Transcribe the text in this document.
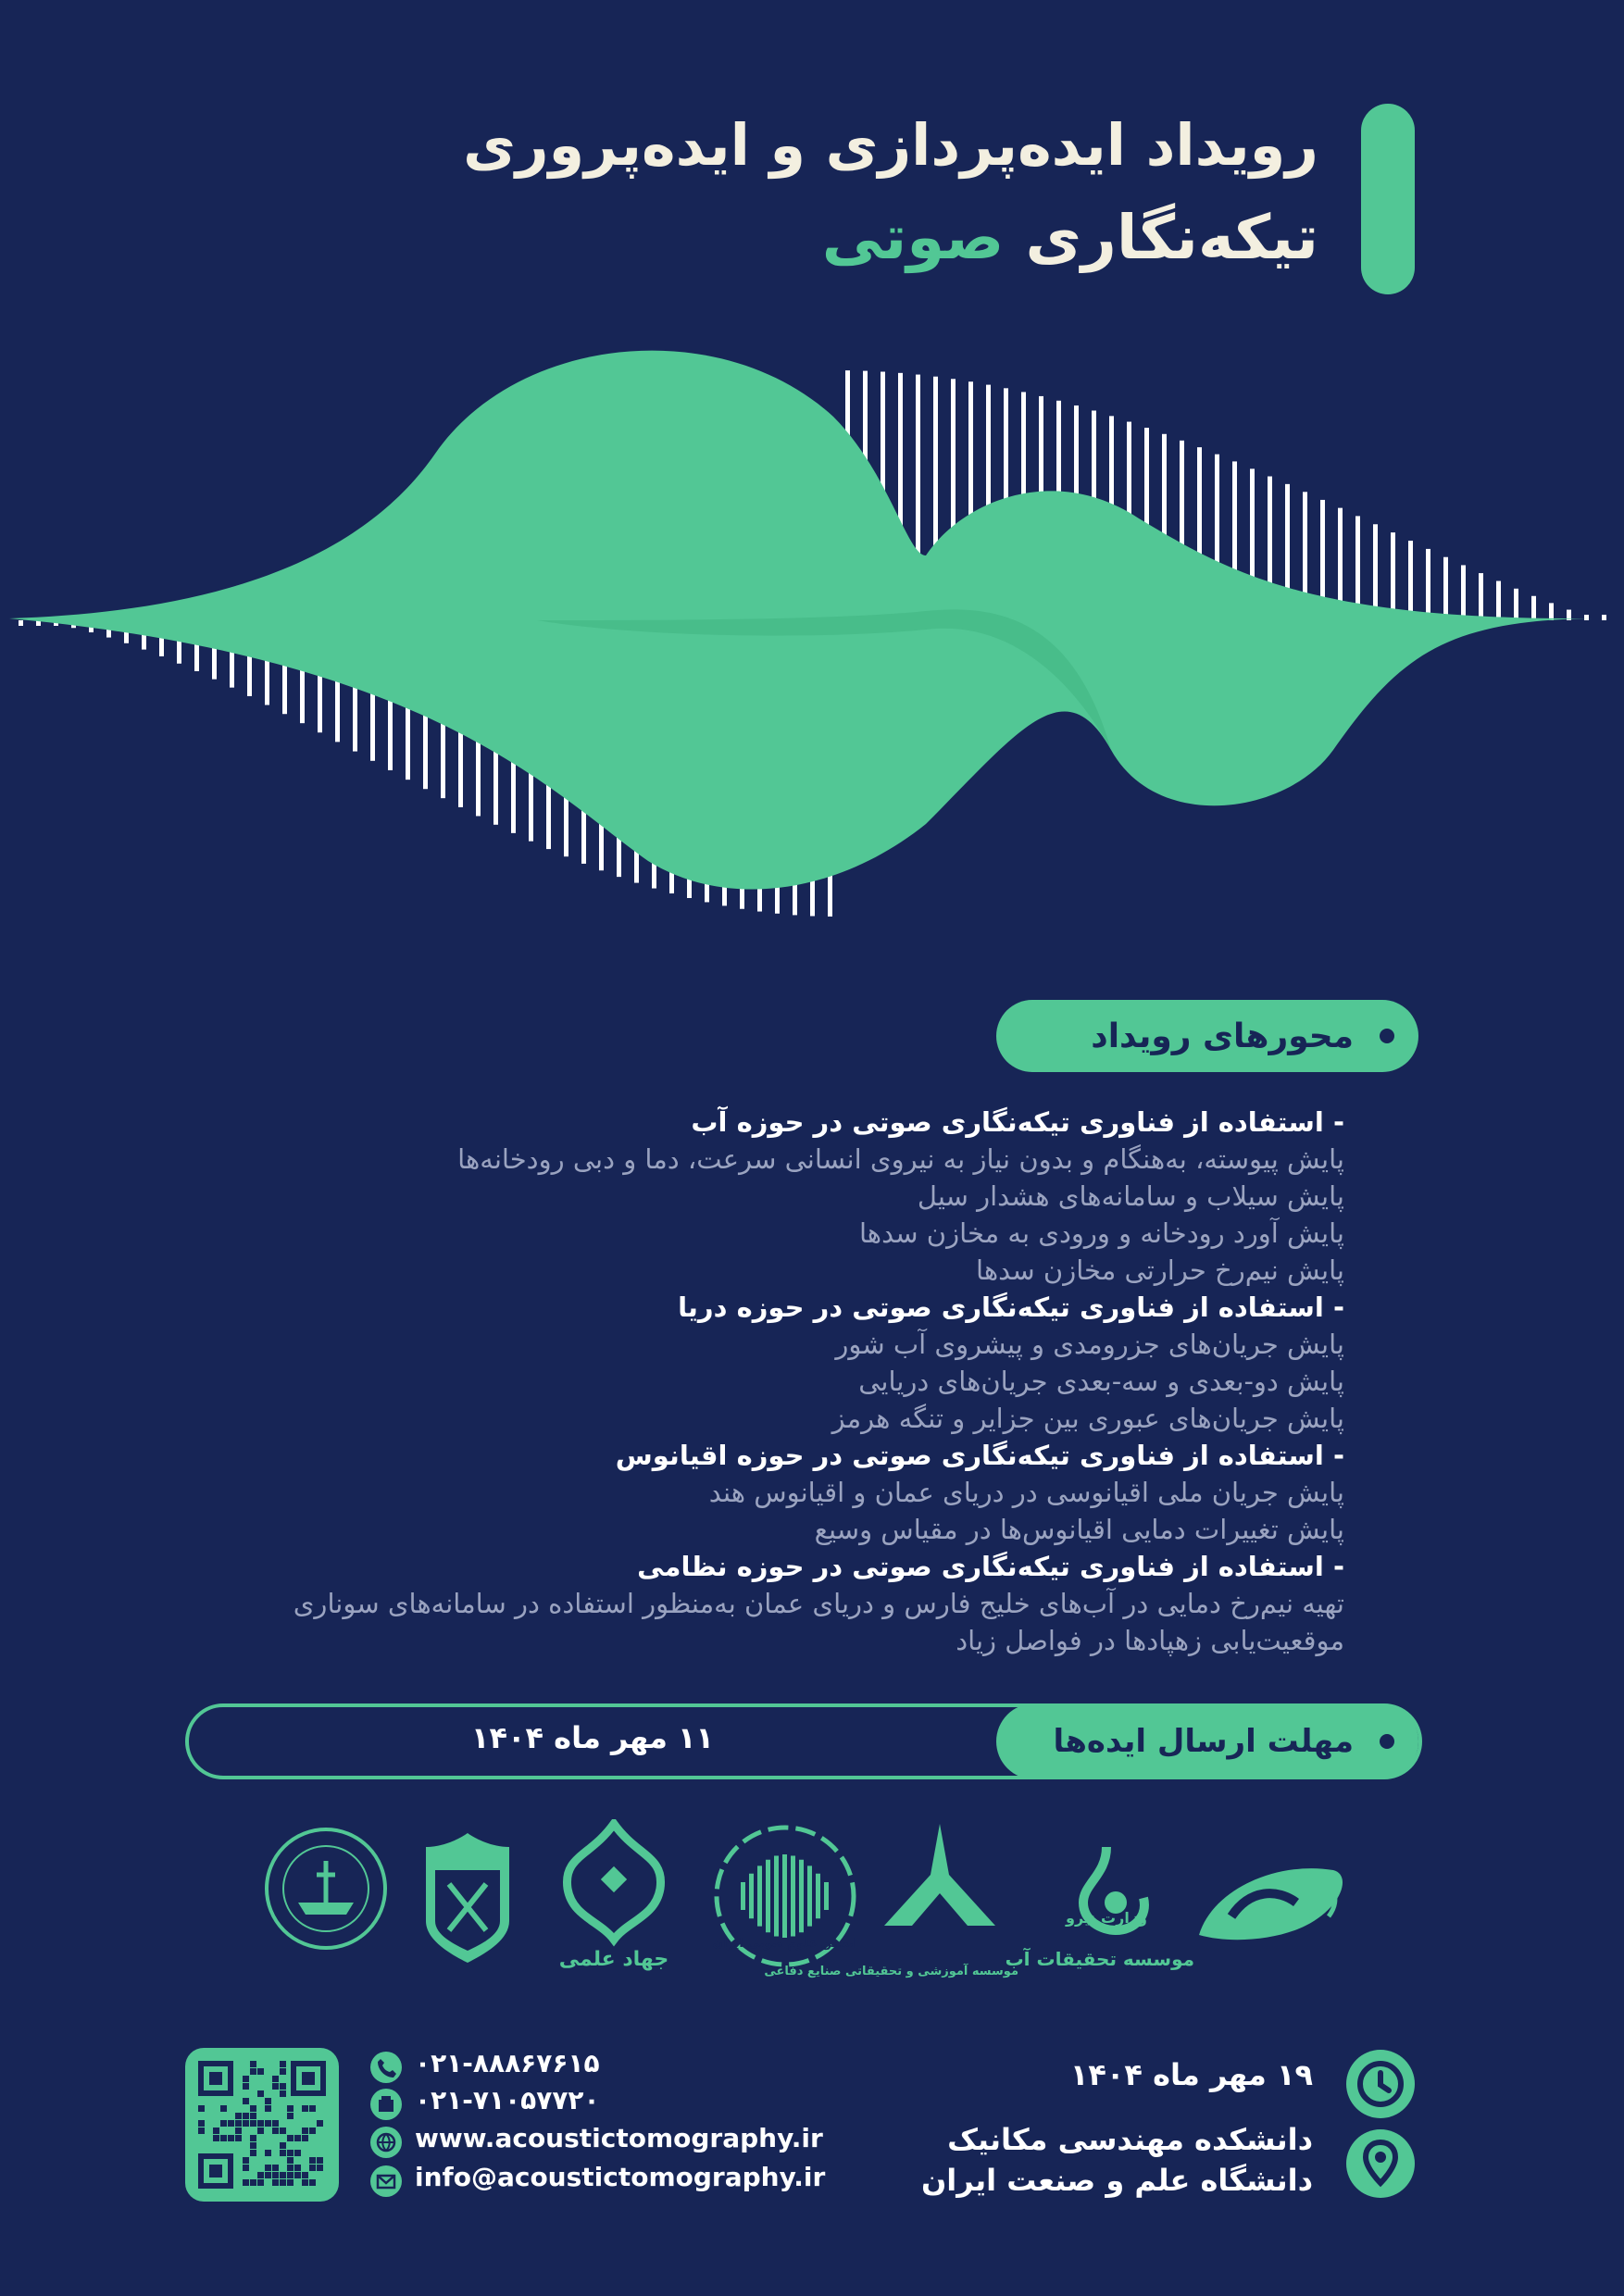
رویداد ایده‌پردازی و ایده‌پروری
تیکه‌نگاری صوتی
محورهای رویداد
- استفاده از فناوری تیکه‌نگاری صوتی در حوزه آب
پایش پیوسته، به‌هنگام و بدون نیاز به نیروی انسانی سرعت، دما و دبی رودخانه‌ها
پایش سیلاب و سامانه‌های هشدار سیل
پایش آورد رودخانه و ورودی به مخازن سدها
پایش نیم‌رخ حرارتی مخازن سدها
- استفاده از فناوری تیکه‌نگاری صوتی در حوزه دریا
پایش جریان‌های جزرومدی و پیشروی آب شور
پایش دو-بعدی و سه-بعدی جریان‌های دریایی
پایش جریان‌های عبوری بین جزایر و تنگه هرمز
- استفاده از فناوری تیکه‌نگاری صوتی در حوزه اقیانوس
پایش جریان ملی اقیانوسی در دریای عمان و اقیانوس هند
پایش تغییرات دمایی اقیانوس‌ها در مقیاس وسیع
- استفاده از فناوری تیکه‌نگاری صوتی در حوزه نظامی
تهیه نیم‌رخ دمایی در آب‌های خلیج فارس و دریای عمان به‌منظور استفاده در سامانه‌های سوناری
موقعیت‌یابی زهپادها در فواصل زیاد
مهلت ارسال ایده‌ها
۱۱ مهر ماه ۱۴۰۴
وزارت نیرو
موسسه تحقیقات آب
موسسه آموزشی و تحقیقاتی صنایع دفاعی
انجمن علوم صوتی ایران
جهاد علمی
۰۲۱-۸۸۸۶۷۶۱۵
۰۲۱-۷۱۰۵۷۷۲۰
www.acoustictomography.ir
info@acoustictomography.ir
۱۹ مهر ماه ۱۴۰۴
دانشکده مهندسی مکانیک
دانشگاه علم و صنعت ایران
